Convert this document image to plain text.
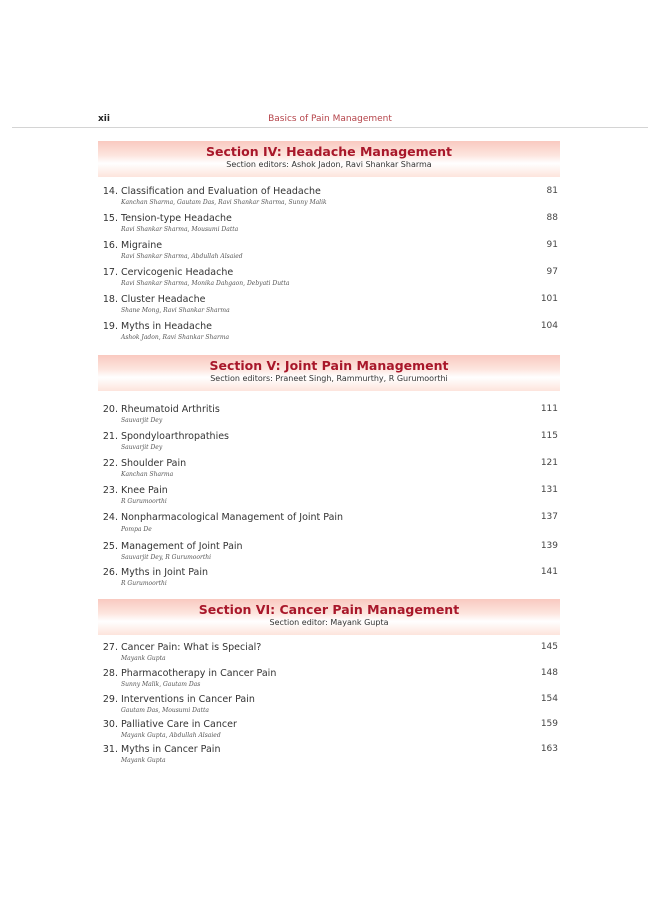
xii	Basics of Pain Management
Section IV: Headache Management
Section editors: Ashok Jadon, Ravi Shankar Sharma
14. Classification and Evaluation of Headache
Kanchan Sharma, Gautam Das, Ravi Shankar Sharma, Sunny Malik
81
15. Tension-type Headache
Ravi Shankar Sharma, Mousumi Datta
88
16. Migraine
Ravi Shankar Sharma, Abdullah Alsaied
91
17. Cervicogenic Headache
Ravi Shankar Sharma, Monika Dahgaon, Debyati Dutta
97
18. Cluster Headache
Shane Mong, Ravi Shankar Sharma
101
19. Myths in Headache
Ashok Jadon, Ravi Shankar Sharma
104
Section V: Joint Pain Management
Section editors: Praneet Singh, Rammurthy, R Gurumoorthi
20. Rheumatoid Arthritis
Sauvarjit Dey
111
21. Spondyloarthropathies
Sauvarjit Dey
115
22. Shoulder Pain
Kanchan Sharma
121
23. Knee Pain
R Gurumoorthi
131
24. Nonpharmacological Management of Joint Pain
Pompa De
137
25. Management of Joint Pain
Sauvarjit Dey, R Gurumoorthi
139
26. Myths in Joint Pain
R Gurumoorthi
141
Section VI: Cancer Pain Management
Section editor: Mayank Gupta
27. Cancer Pain: What is Special?
Mayank Gupta
145
28. Pharmacotherapy in Cancer Pain
Sunny Malik, Gautam Das
148
29. Interventions in Cancer Pain
Gautam Das, Mousumi Datta
154
30. Palliative Care in Cancer
Mayank Gupta, Abdullah Alsaied
159
31. Myths in Cancer Pain
Mayank Gupta
163
